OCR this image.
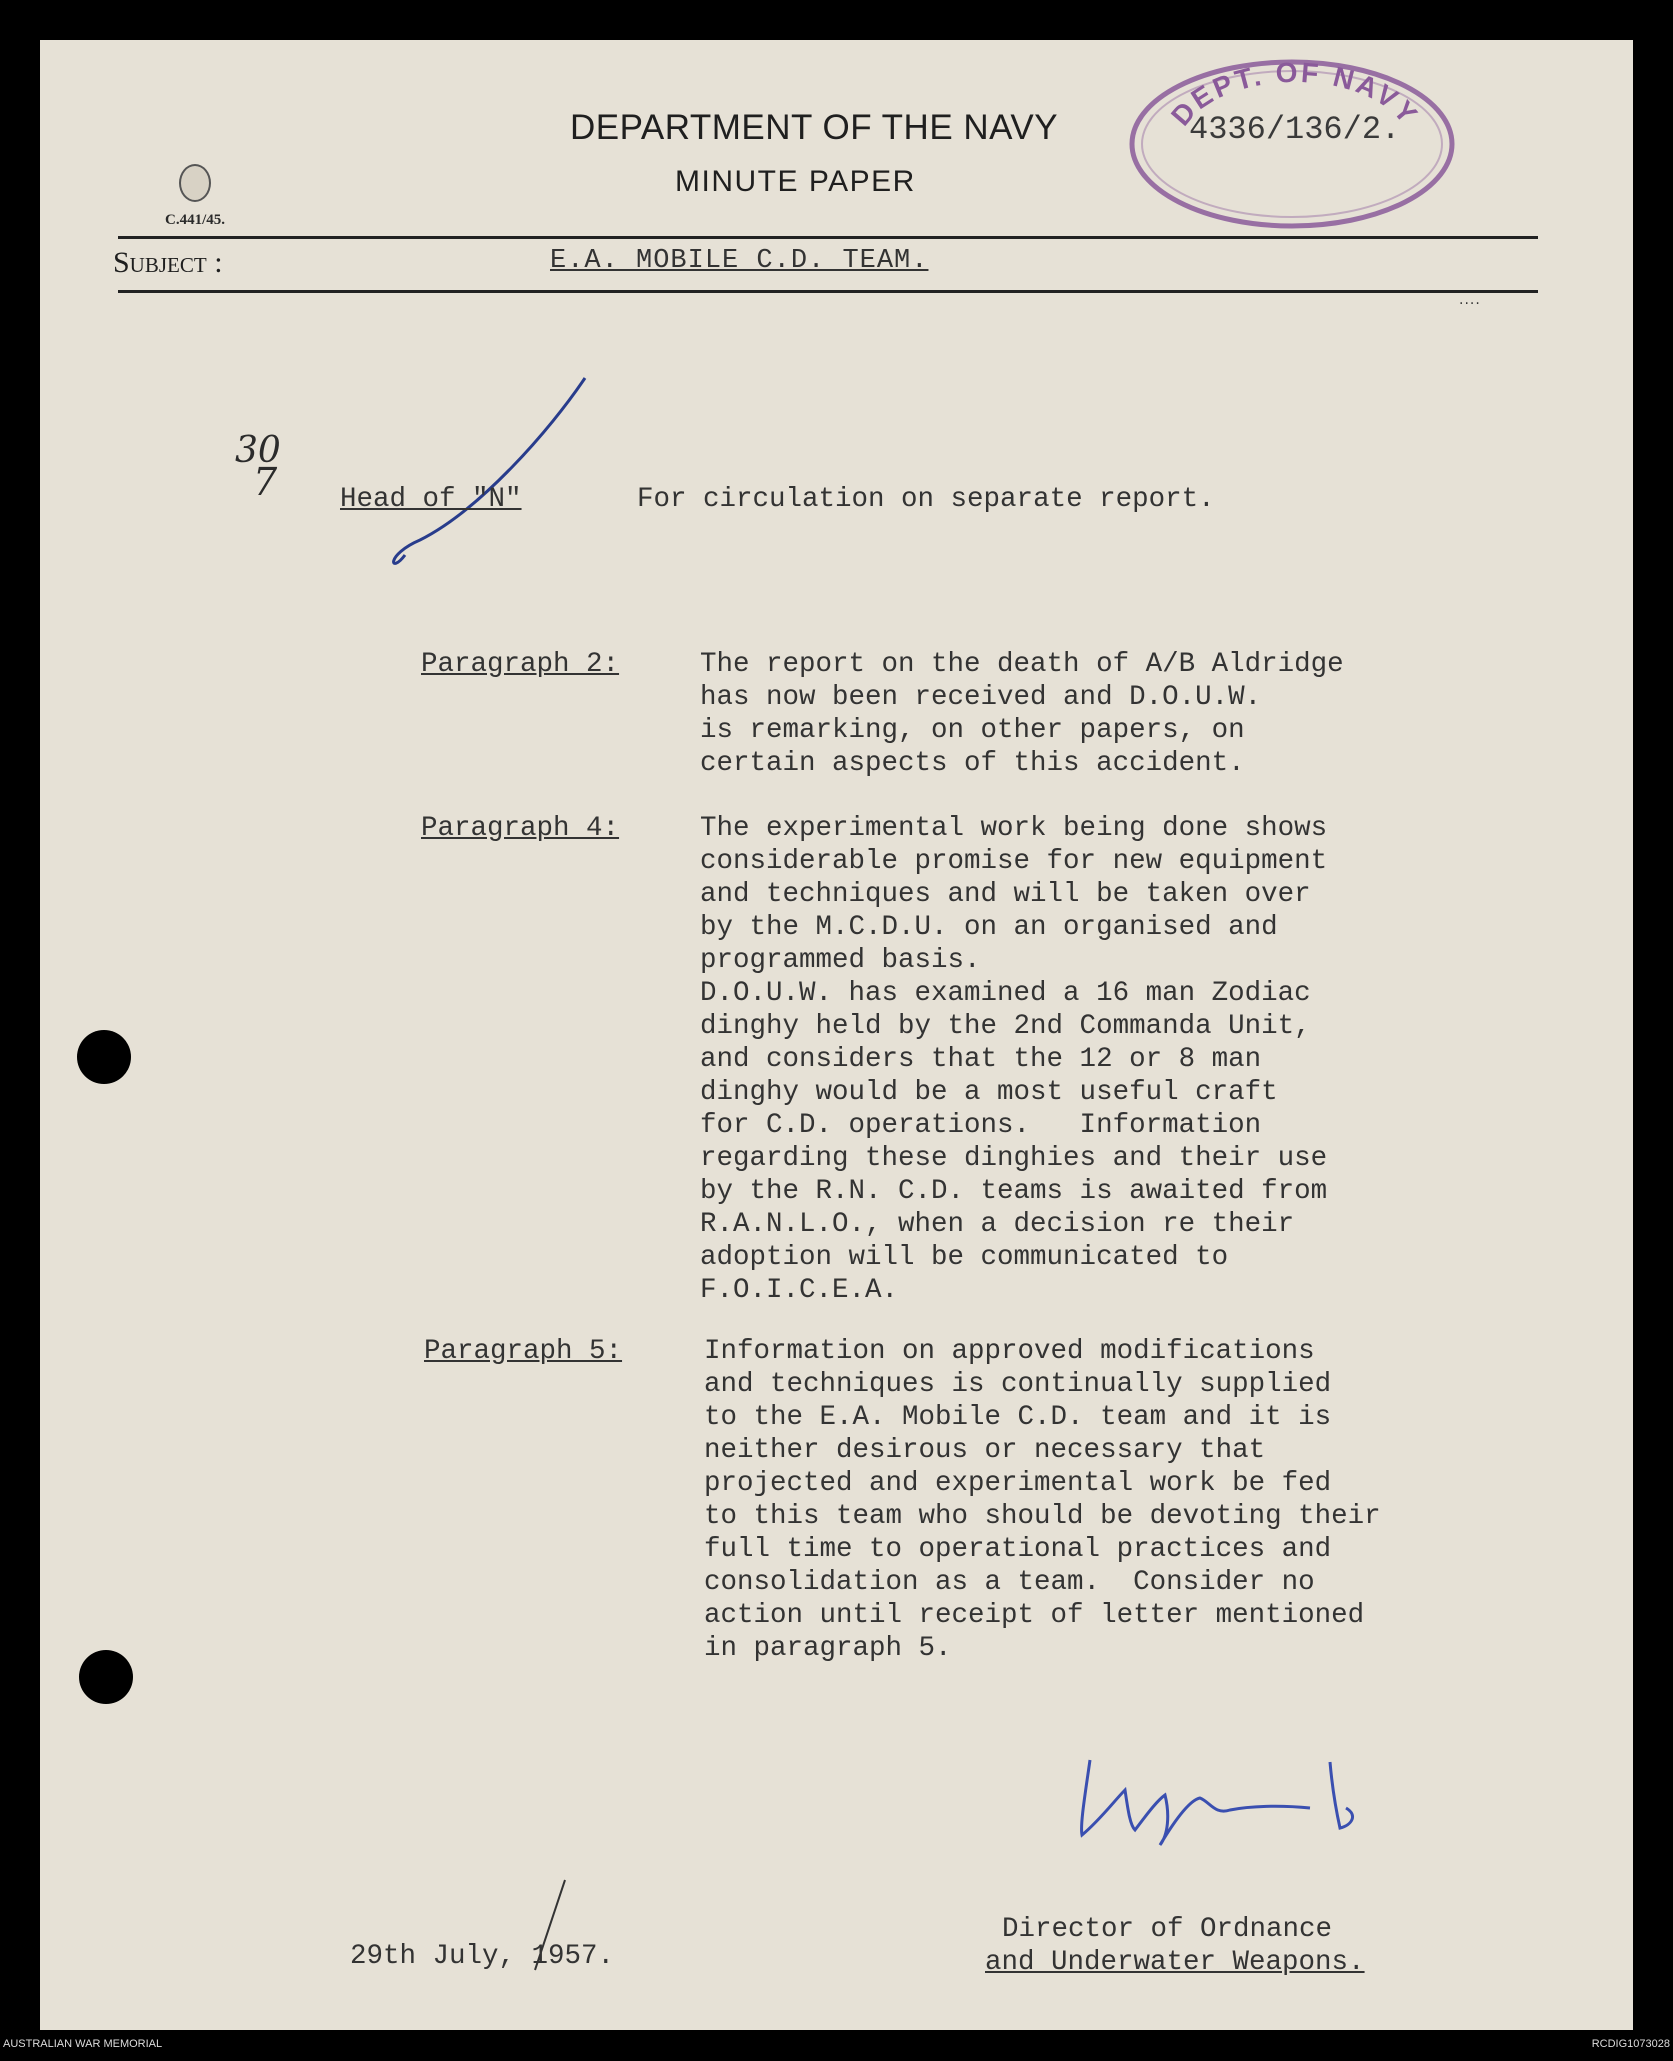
C.441/45.
DEPARTMENT OF THE NAVY
MINUTE PAPER
DEPT. OF NAVY
4336/136/2.
Subject :	E.A. MOBILE C.D. TEAM.
....
30
7 Head of "N"	For circulation on separate report.
Paragraph 2:	The report on the death of A/B Aldridge
has now been received and D.O.U.W.
is remarking, on other papers, on
certain aspects of this accident.
Paragraph 4:	The experimental work being done shows
considerable promise for new equipment
and techniques and will be taken over
by the M.C.D.U. on an organised and
programmed basis.
D.O.U.W. has examined a 16 man Zodiac
dinghy held by the 2nd Commanda Unit,
and considers that the 12 or 8 man
dinghy would be a most useful craft
for C.D. operations.   Information
regarding these dinghies and their use
by the R.N. C.D. teams is awaited from
R.A.N.L.O., when a decision re their
adoption will be communicated to
F.O.I.C.E.A.
Paragraph 5:	Information on approved modifications
and techniques is continually supplied
to the E.A. Mobile C.D. team and it is
neither desirous or necessary that
projected and experimental work be fed
to this team who should be devoting their
full time to operational practices and
consolidation as a team.  Consider no
action until receipt of letter mentioned
in paragraph 5.
Director of Ordnance
and Underwater Weapons.
29th July, 1957.
AUSTRALIAN WAR MEMORIAL	RCDIG1073028
